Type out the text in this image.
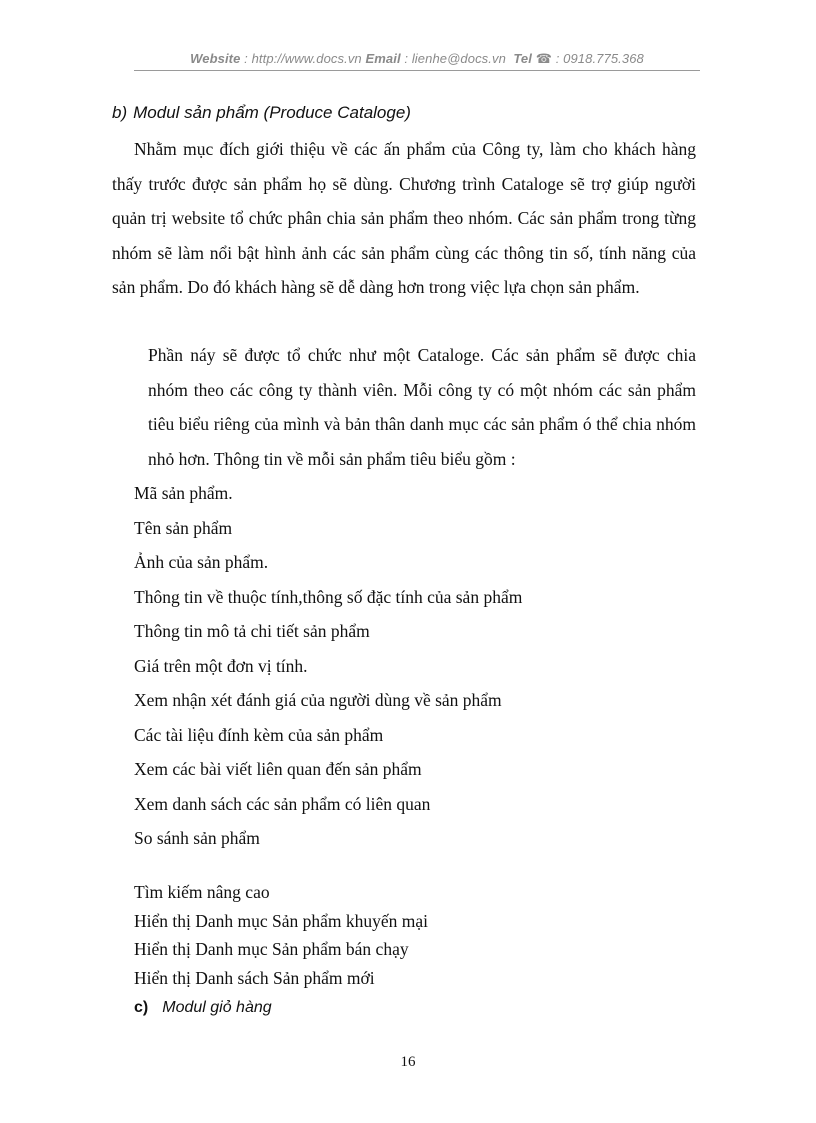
Website : http://www.docs.vn Email : lienhe@docs.vn Tel ☎ : 0918.775.368
b) Modul sản phẩm (Produce Cataloge)
Nhằm mục đích giới thiệu về các ấn phẩm của Công ty, làm cho khách hàng thấy trước được sản phẩm họ sẽ dùng. Chương trình Cataloge sẽ trợ giúp người quản trị website tổ chức phân chia sản phẩm theo nhóm. Các sản phẩm trong từng nhóm sẽ làm nổi bật hình ảnh các sản phẩm cùng các thông tin số, tính năng của sản phẩm. Do đó khách hàng sẽ dễ dàng hơn trong việc lựa chọn sản phẩm.
Phần náy sẽ được tổ chức như một Cataloge. Các sản phẩm sẽ được chia nhóm theo các công ty thành viên. Mỗi công ty có một nhóm các sản phẩm tiêu biểu riêng của mình và bản thân danh mục các sản phẩm ó thể chia nhóm nhỏ hơn. Thông tin về mỗi sản phẩm tiêu biểu gồm :
Mã sản phẩm.
Tên sản phẩm
Ảnh của sản phẩm.
Thông tin về thuộc tính,thông số đặc tính của sản phẩm
Thông tin mô tả chi tiết sản phẩm
Giá trên một đơn vị tính.
Xem nhận xét đánh giá của người dùng về sản phẩm
Các tài liệu đính kèm của sản phẩm
Xem các bài viết liên quan đến sản phẩm
Xem danh sách các sản phẩm có liên quan
So sánh sản phẩm
Tìm kiếm nâng cao
Hiển thị Danh mục Sản phẩm khuyến mại
Hiển thị Danh mục Sản phẩm bán chạy
Hiển thị Danh sách Sản phẩm mới
c) Modul giỏ hàng
16
